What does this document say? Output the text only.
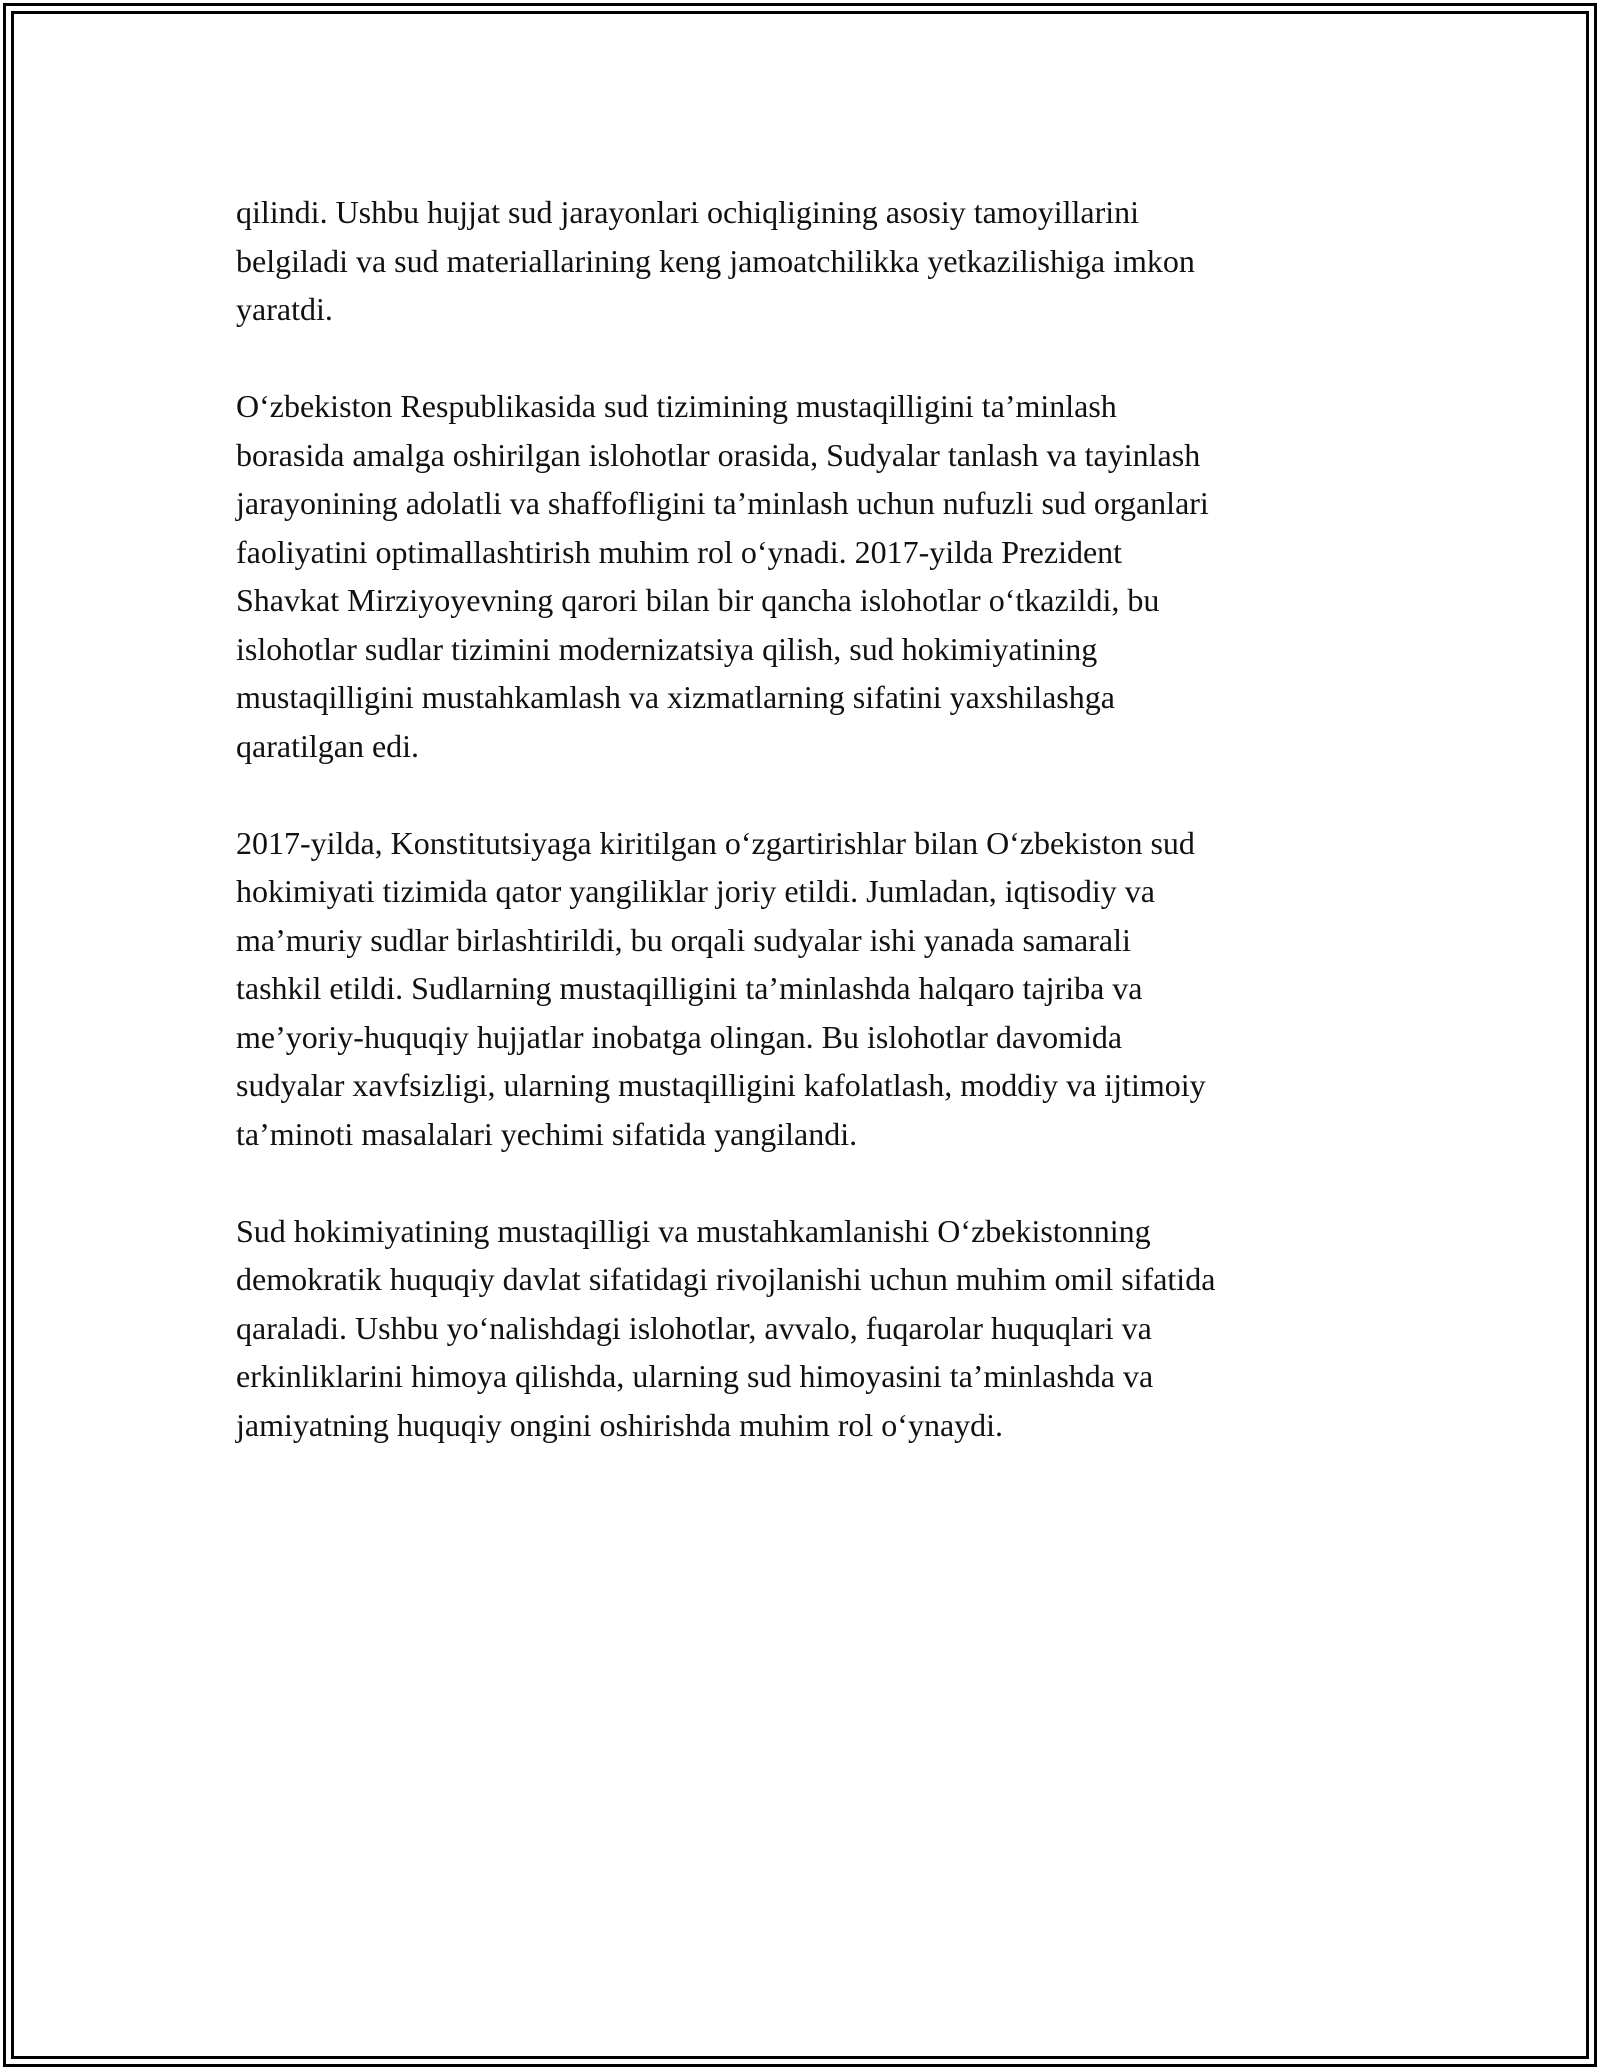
qilindi. Ushbu hujjat sud jarayonlari ochiqligining asosiy tamoyillarini
belgiladi va sud materiallarining keng jamoatchilikka yetkazilishiga imkon
yaratdi.

O‘zbekiston Respublikasida sud tizimining mustaqilligini ta’minlash
borasida amalga oshirilgan islohotlar orasida, Sudyalar tanlash va tayinlash
jarayonining adolatli va shaffofligini ta’minlash uchun nufuzli sud organlari
faoliyatini optimallashtirish muhim rol o‘ynadi. 2017-yilda Prezident
Shavkat Mirziyoyevning qarori bilan bir qancha islohotlar o‘tkazildi, bu
islohotlar sudlar tizimini modernizatsiya qilish, sud hokimiyatining
mustaqilligini mustahkamlash va xizmatlarning sifatini yaxshilashga
qaratilgan edi.

2017-yilda, Konstitutsiyaga kiritilgan o‘zgartirishlar bilan O‘zbekiston sud
hokimiyati tizimida qator yangiliklar joriy etildi. Jumladan, iqtisodiy va
ma’muriy sudlar birlashtirildi, bu orqali sudyalar ishi yanada samarali
tashkil etildi. Sudlarning mustaqilligini ta’minlashda halqaro tajriba va
me’yoriy-huquqiy hujjatlar inobatga olingan. Bu islohotlar davomida
sudyalar xavfsizligi, ularning mustaqilligini kafolatlash, moddiy va ijtimoiy
ta’minoti masalalari yechimi sifatida yangilandi.

Sud hokimiyatining mustaqilligi va mustahkamlanishi O‘zbekistonning
demokratik huquqiy davlat sifatidagi rivojlanishi uchun muhim omil sifatida
qaraladi. Ushbu yo‘nalishdagi islohotlar, avvalo, fuqarolar huquqlari va
erkinliklarini himoya qilishda, ularning sud himoyasini ta’minlashda va
jamiyatning huquqiy ongini oshirishda muhim rol o‘ynaydi.
